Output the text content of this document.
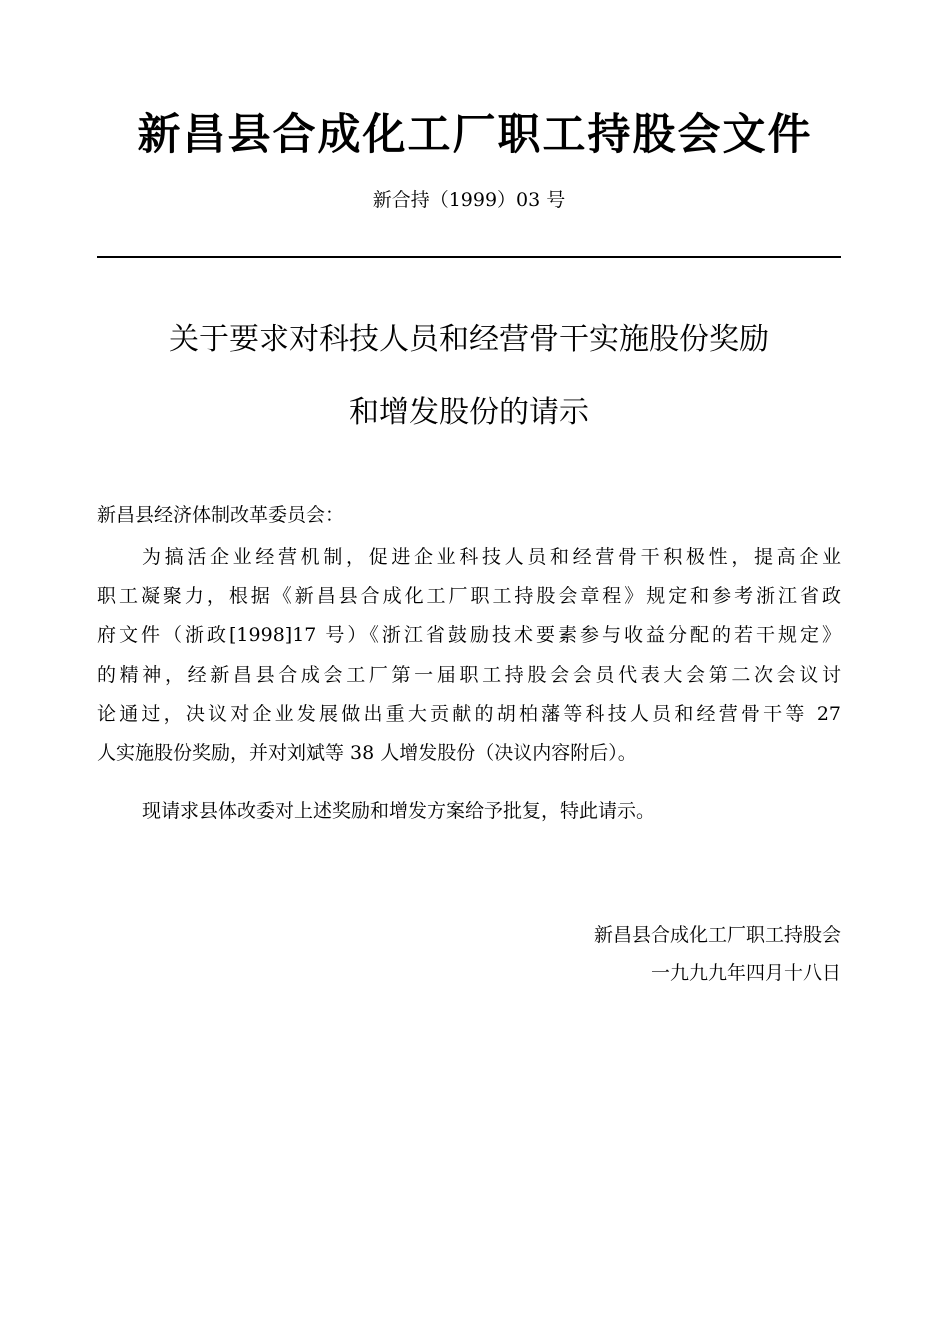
新昌县合成化工厂职工持股会文件
新合持（1999）03 号
关于要求对科技人员和经营骨干实施股份奖励
和增发股份的请示
新昌县经济体制改革委员会：
为搞活企业经营机制，促进企业科技人员和经营骨干积极性，提高企业
职工凝聚力，根据《新昌县合成化工厂职工持股会章程》规定和参考浙江省政
府文件（浙政[1998]17 号）《浙江省鼓励技术要素参与收益分配的若干规定》
的精神，经新昌县合成会工厂第一届职工持股会会员代表大会第二次会议讨
论通过，决议对企业发展做出重大贡献的胡柏藩等科技人员和经营骨干等 27
人实施股份奖励，并对刘斌等 38 人增发股份（决议内容附后）。
现请求县体改委对上述奖励和增发方案给予批复，特此请示。
新昌县合成化工厂职工持股会
一九九九年四月十八日
